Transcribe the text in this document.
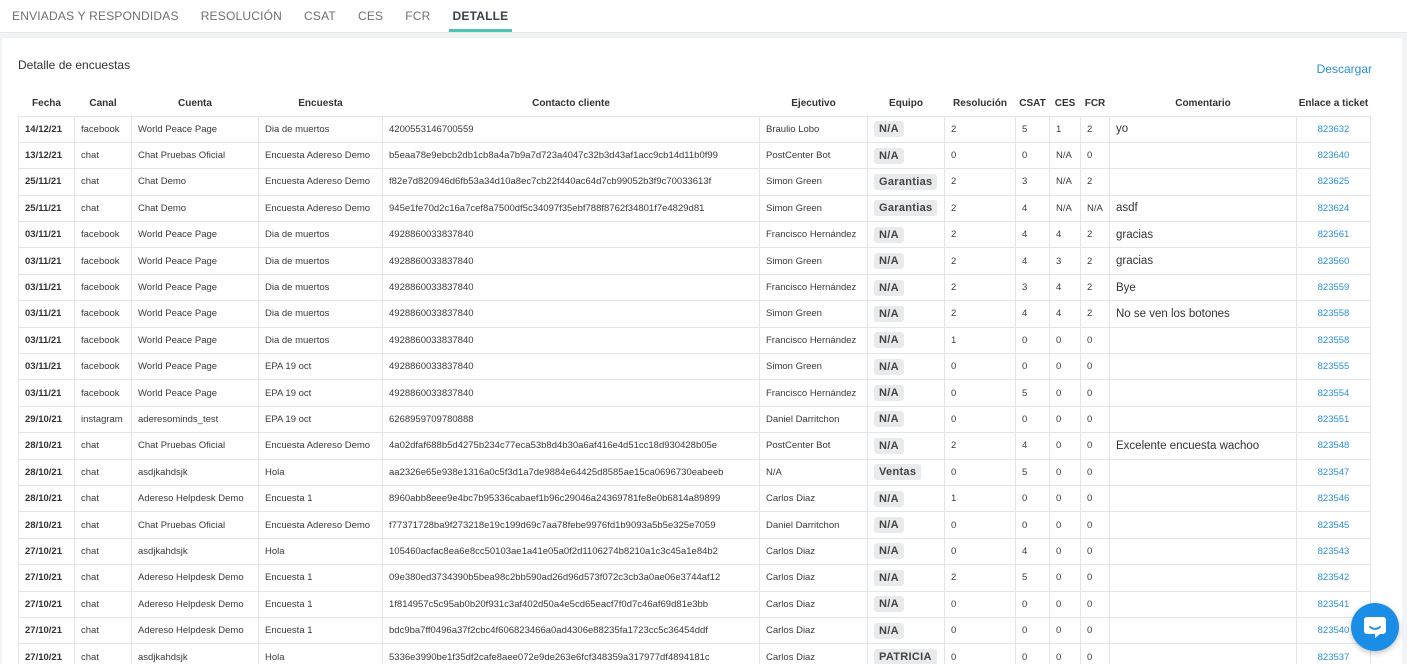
ENVIADAS Y RESPONDIDAS	RESOLUCIÓN	CSAT	CES	FCR	DETALLE
Detalle de encuestas	Descargar
Fecha	Canal	Cuenta	Encuesta	Contacto cliente	Ejecutivo	Equipo	Resolución	CSAT	CES	FCR	Comentario	Enlace a ticket
14/12/21	facebook	World Peace Page	Dia de muertos	4200553146700559	Braulio Lobo	N/A	2	5	1	2	yo	823632
13/12/21	chat	Chat Pruebas Oficial	Encuesta Adereso Demo	b5eaa78e9ebcb2db1cb8a4a7b9a7d723a4047c32b3d43af1acc9cb14d11b0f99	PostCenter Bot	N/A	0	0	N/A	0		823640
25/11/21	chat	Chat Demo	Encuesta Adereso Demo	f82e7d820946d6fb53a34d10a8ec7cb22f440ac64d7cb99052b3f9c70033613f	Simon Green	Garantias	2	3	N/A	2		823625
25/11/21	chat	Chat Demo	Encuesta Adereso Demo	945e1fe70d2c16a7cef8a7500df5c34097f35ebf788f8762f34801f7e4829d81	Simon Green	Garantias	2	4	N/A	N/A	asdf	823624
03/11/21	facebook	World Peace Page	Dia de muertos	4928860033837840	Francisco Hernández	N/A	2	4	4	2	gracias	823561
03/11/21	facebook	World Peace Page	Dia de muertos	4928860033837840	Simon Green	N/A	2	4	3	2	gracias	823560
03/11/21	facebook	World Peace Page	Dia de muertos	4928860033837840	Francisco Hernández	N/A	2	3	4	2	Bye	823559
03/11/21	facebook	World Peace Page	Dia de muertos	4928860033837840	Simon Green	N/A	2	4	4	2	No se ven los botones	823558
03/11/21	facebook	World Peace Page	Dia de muertos	4928860033837840	Francisco Hernández	N/A	1	0	0	0		823558
03/11/21	facebook	World Peace Page	EPA 19 oct	4928860033837840	Simon Green	N/A	0	0	0	0		823555
03/11/21	facebook	World Peace Page	EPA 19 oct	4928860033837840	Francisco Hernández	N/A	0	5	0	0		823554
29/10/21	instagram	aderesominds_test	EPA 19 oct	6268959709780888	Daniel Darritchon	N/A	0	0	0	0		823551
28/10/21	chat	Chat Pruebas Oficial	Encuesta Adereso Demo	4a02dfaf688b5d4275b234c77eca53b8d4b30a6af416e4d51cc18d930428b05e	PostCenter Bot	N/A	2	4	0	0	Excelente encuesta wachoo	823548
28/10/21	chat	asdjkahdsjk	Hola	aa2326e65e938e1316a0c5f3d1a7de9884e64425d8585ae15ca0696730eabeeb	N/A	Ventas	0	5	0	0		823547
28/10/21	chat	Adereso Helpdesk Demo	Encuesta 1	8960abb8eee9e4bc7b95336cabaef1b96c29046a24369781fe8e0b6814a89899	Carlos Diaz	N/A	1	0	0	0		823546
28/10/21	chat	Chat Pruebas Oficial	Encuesta Adereso Demo	f77371728ba9f273218e19c199d69c7aa78febe9976fd1b9093a5b5e325e7059	Daniel Darritchon	N/A	0	0	0	0		823545
27/10/21	chat	asdjkahdsjk	Hola	105460acfac8ea6e8cc50103ae1a41e05a0f2d1106274b8210a1c3c45a1e84b2	Carlos Diaz	N/A	0	4	0	0		823543
27/10/21	chat	Adereso Helpdesk Demo	Encuesta 1	09e380ed3734390b5bea98c2bb590ad26d96d573f072c3cb3a0ae06e3744af12	Carlos Diaz	N/A	2	5	0	0		823542
27/10/21	chat	Adereso Helpdesk Demo	Encuesta 1	1f814957c5c95ab0b20f931c3af402d50a4e5cd65eacf7f0d7c46af69d81e3bb	Carlos Diaz	N/A	0	0	0	0		823541
27/10/21	chat	Adereso Helpdesk Demo	Encuesta 1	bdc9ba7ff0496a37f2cbc4f606823466a0ad4306e88235fa1723cc5c36454ddf	Carlos Diaz	N/A	0	0	0	0		823540
27/10/21	chat	asdjkahdsjk	Hola	5336e3990be1f35df2cafe8aee072e9de263e6fcf348359a317977df4894181c	Carlos Diaz	PATRICIA	0	0	0	0		823537
